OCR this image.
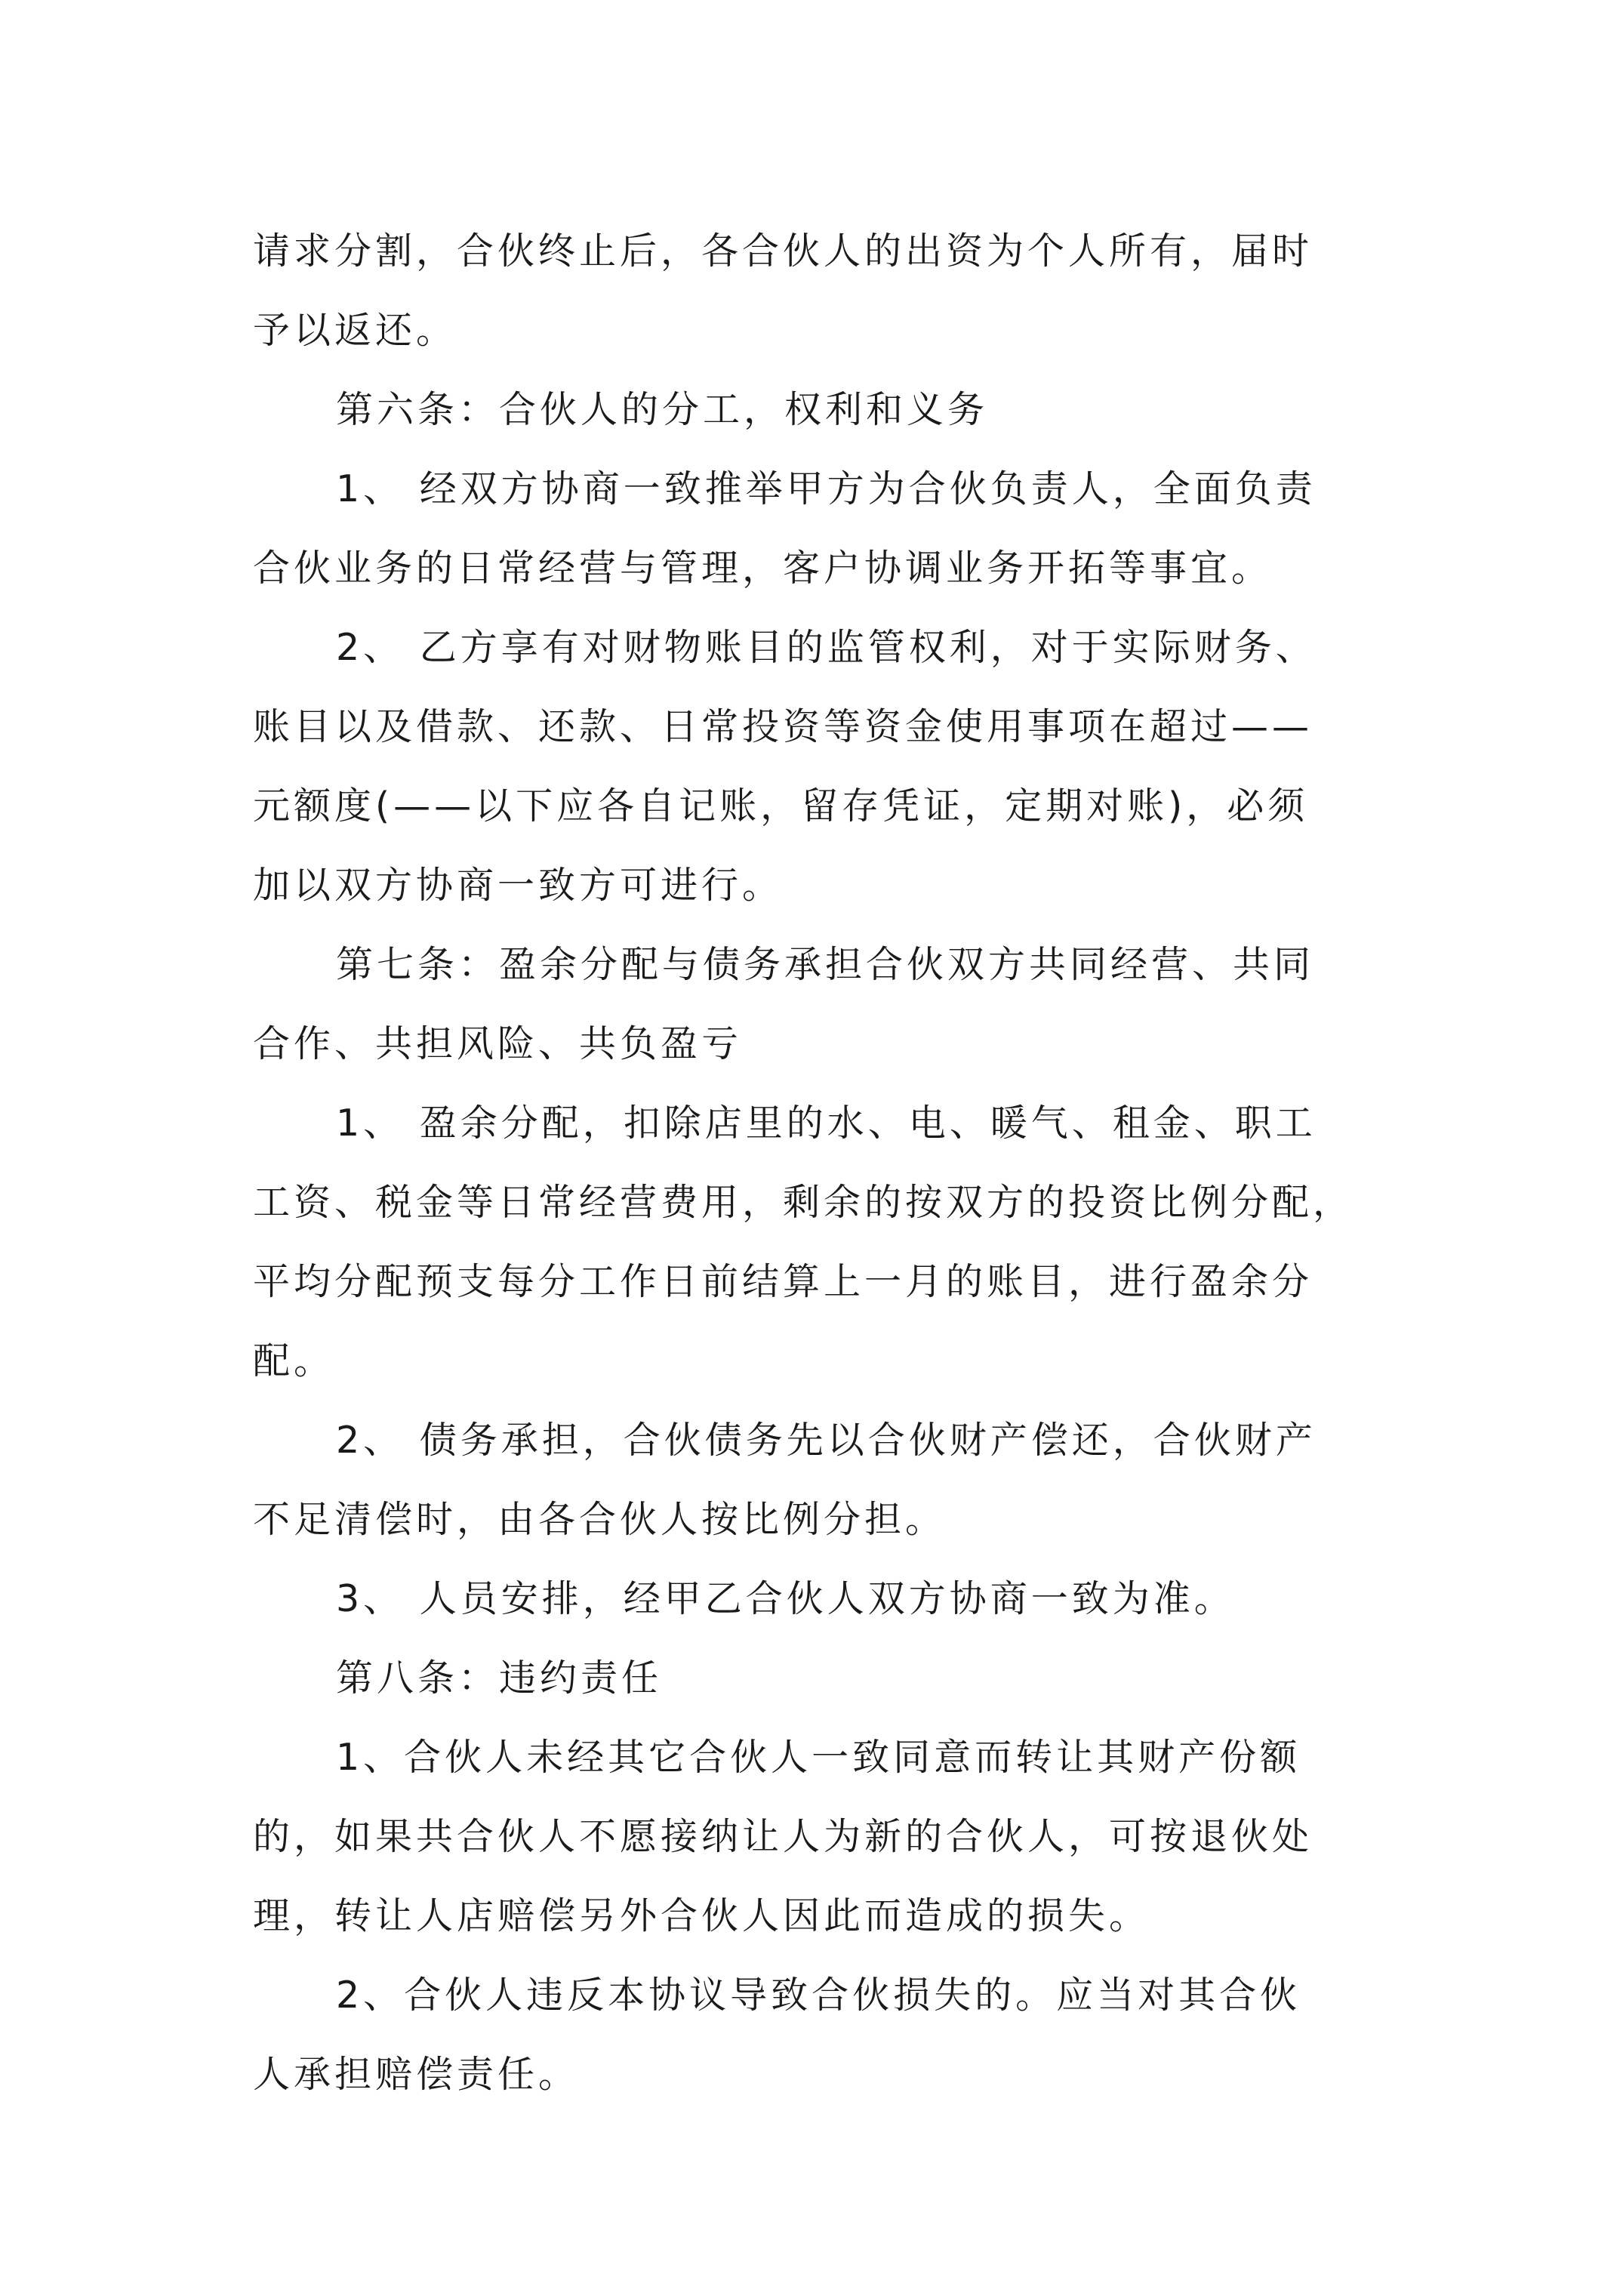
请求分割，合伙终止后，各合伙人的出资为个人所有，届时
予以返还。
第六条：合伙人的分工，权利和义务
1、 经双方协商一致推举甲方为合伙负责人，全面负责
合伙业务的日常经营与管理，客户协调业务开拓等事宜。
2、 乙方享有对财物账目的监管权利，对于实际财务、
账目以及借款、还款、日常投资等资金使用事项在超过——
元额度(——以下应各自记账，留存凭证，定期对账)，必须
加以双方协商一致方可进行。
第七条：盈余分配与债务承担合伙双方共同经营、共同
合作、共担风险、共负盈亏
1、 盈余分配，扣除店里的水、电、暖气、租金、职工
工资、税金等日常经营费用，剩余的按双方的投资比例分配，
平均分配预支每分工作日前结算上一月的账目，进行盈余分
配。
2、 债务承担，合伙债务先以合伙财产偿还，合伙财产
不足清偿时，由各合伙人按比例分担。
3、 人员安排，经甲乙合伙人双方协商一致为准。
第八条：违约责任
1、合伙人未经其它合伙人一致同意而转让其财产份额
的，如果共合伙人不愿接纳让人为新的合伙人，可按退伙处
理，转让人店赔偿另外合伙人因此而造成的损失。
2、合伙人违反本协议导致合伙损失的。应当对其合伙
人承担赔偿责任。
